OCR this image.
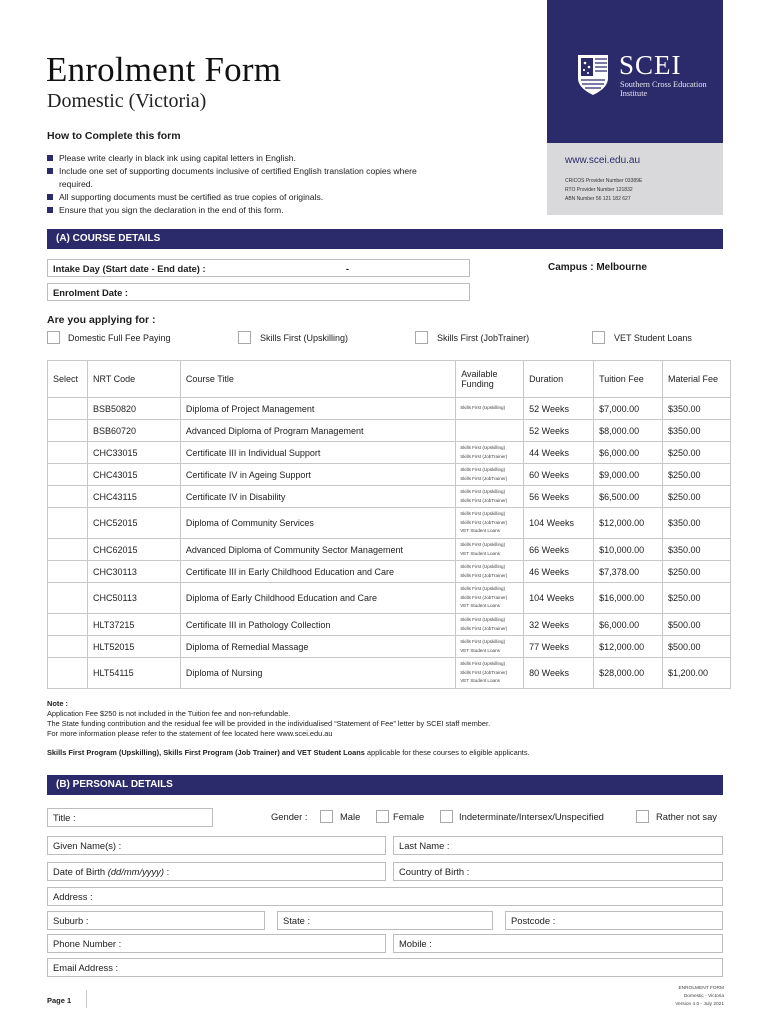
Enrolment Form
Domestic (Victoria)
How to Complete this form
Please write clearly in black ink using capital letters in English.
Include one set of supporting documents inclusive of certified English translation copies where required.
All supporting documents must be certified as true copies of originals.
Ensure that you sign the declaration in the end of this form.
SCEI
Southern Cross Education Institute
www.scei.edu.au
CRICOS Provider Number 03389E
RTO Provider Number 121832
ABN Number 56 121 182 627
(A) COURSE DETAILS
Intake Day (Start date - End date) :	-	Campus : Melbourne
Enrolment Date :
Are you applying for :
Domestic Full Fee Paying	Skills First (Upskilling)	Skills First (JobTrainer)	VET Student Loans
Select	NRT Code	Course Title	Available Funding	Duration	Tuition Fee	Material Fee
	BSB50820	Diploma of Project Management	Skills First (Upskilling)	52 Weeks	$7,000.00	$350.00
	BSB60720	Advanced Diploma of Program Management		52 Weeks	$8,000.00	$350.00
	CHC33015	Certificate III in Individual Support	Skills First (Upskilling)
Skills First (JobTrainer)	44 Weeks	$6,000.00	$250.00
	CHC43015	Certificate IV in Ageing Support	Skills First (Upskilling)
Skills First (JobTrainer)	60 Weeks	$9,000.00	$250.00
	CHC43115	Certificate IV in Disability	Skills First (Upskilling)
Skills First (JobTrainer)	56 Weeks	$6,500.00	$250.00
	CHC52015	Diploma of Community Services	Skills First (Upskilling)
Skills First (JobTrainer)
VET Student Loans	104 Weeks	$12,000.00	$350.00
	CHC62015	Advanced Diploma of Community Sector Management	Skills First (Upskilling)
VET Student Loans	66 Weeks	$10,000.00	$350.00
	CHC30113	Certificate III in Early Childhood Education and Care	Skills First (Upskilling)
Skills First (JobTrainer)	46 Weeks	$7,378.00	$250.00
	CHC50113	Diploma of Early Childhood Education and Care	Skills First (Upskilling)
Skills First (JobTrainer)
VET Student Loans	104 Weeks	$16,000.00	$250.00
	HLT37215	Certificate III in Pathology Collection	Skills First (Upskilling)
Skills First (JobTrainer)	32 Weeks	$6,000.00	$500.00
	HLT52015	Diploma of Remedial Massage	Skills First (Upskilling)
VET Student Loans	77 Weeks	$12,000.00	$500.00
	HLT54115	Diploma of Nursing	Skills First (Upskilling)
Skills First (JobTrainer)
VET Student Loans	80 Weeks	$28,000.00	$1,200.00
Note :
Application Fee $250 is not included in the Tuition fee and non-refundable.
The State funding contribution and the residual fee will be provided in the individualised “Statement of Fee” letter by SCEI staff member.
For more information please refer to the statement of fee located here www.scei.edu.au
Skills First Program (Upskilling), Skills First Program (Job Trainer) and VET Student Loans applicable for these courses to eligible applicants.
(B) PERSONAL DETAILS
Title :	Gender :	Male	Female	Indeterminate/Intersex/Unspecified	Rather not say
Given Name(s) :	Last Name :
Date of Birth (dd/mm/yyyy) :	Country of Birth :
Address :
Suburb :	State :	Postcode :
Phone Number :	Mobile :
Email Address :
Page 1
ENROLMENT FORM
Domestic - Victoria
Version 4.0 - July 2021
